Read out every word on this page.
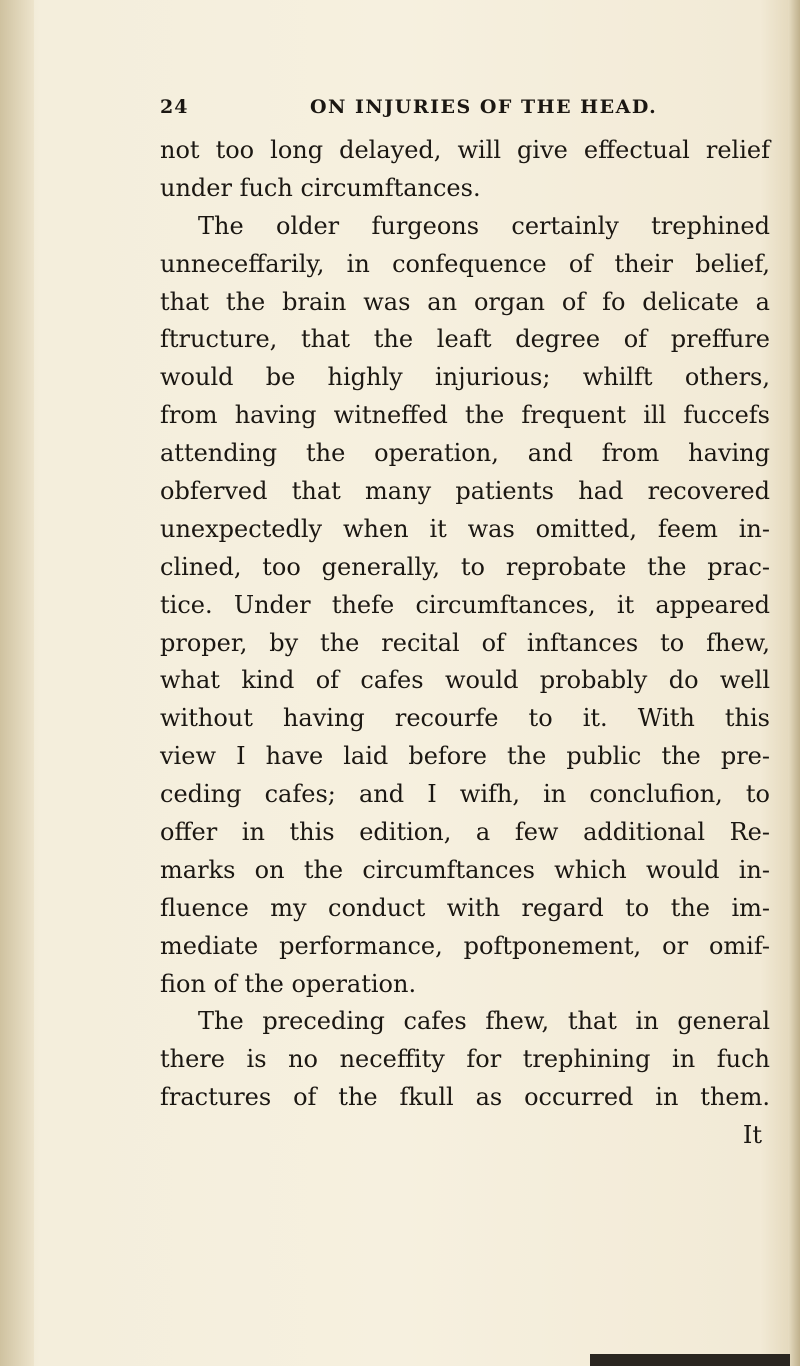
24	ON INJURIES OF THE HEAD.
not too long delayed, will give effectual relief
under fuch circumftances.
The older furgeons certainly trephined
unneceffarily, in confequence of their belief,
that the brain was an organ of fo delicate a
ftructure, that the leaft degree of preffure
would be highly injurious; whilft others,
from having witneffed the frequent ill fuccefs
attending the operation, and from having
obferved that many patients had recovered
unexpectedly when it was omitted, feem in-
clined, too generally, to reprobate the prac-
tice. Under thefe circumftances, it appeared
proper, by the recital of inftances to fhew,
what kind of cafes would probably do well
without having recourfe to it. With this
view I have laid before the public the pre-
ceding cafes; and I wifh, in conclufion, to
offer in this edition, a few additional Re-
marks on the circumftances which would in-
fluence my conduct with regard to the im-
mediate performance, poftponement, or omif-
fion of the operation.
The preceding cafes fhew, that in general
there is no neceffity for trephining in fuch
fractures of the fkull as occurred in them.
It
